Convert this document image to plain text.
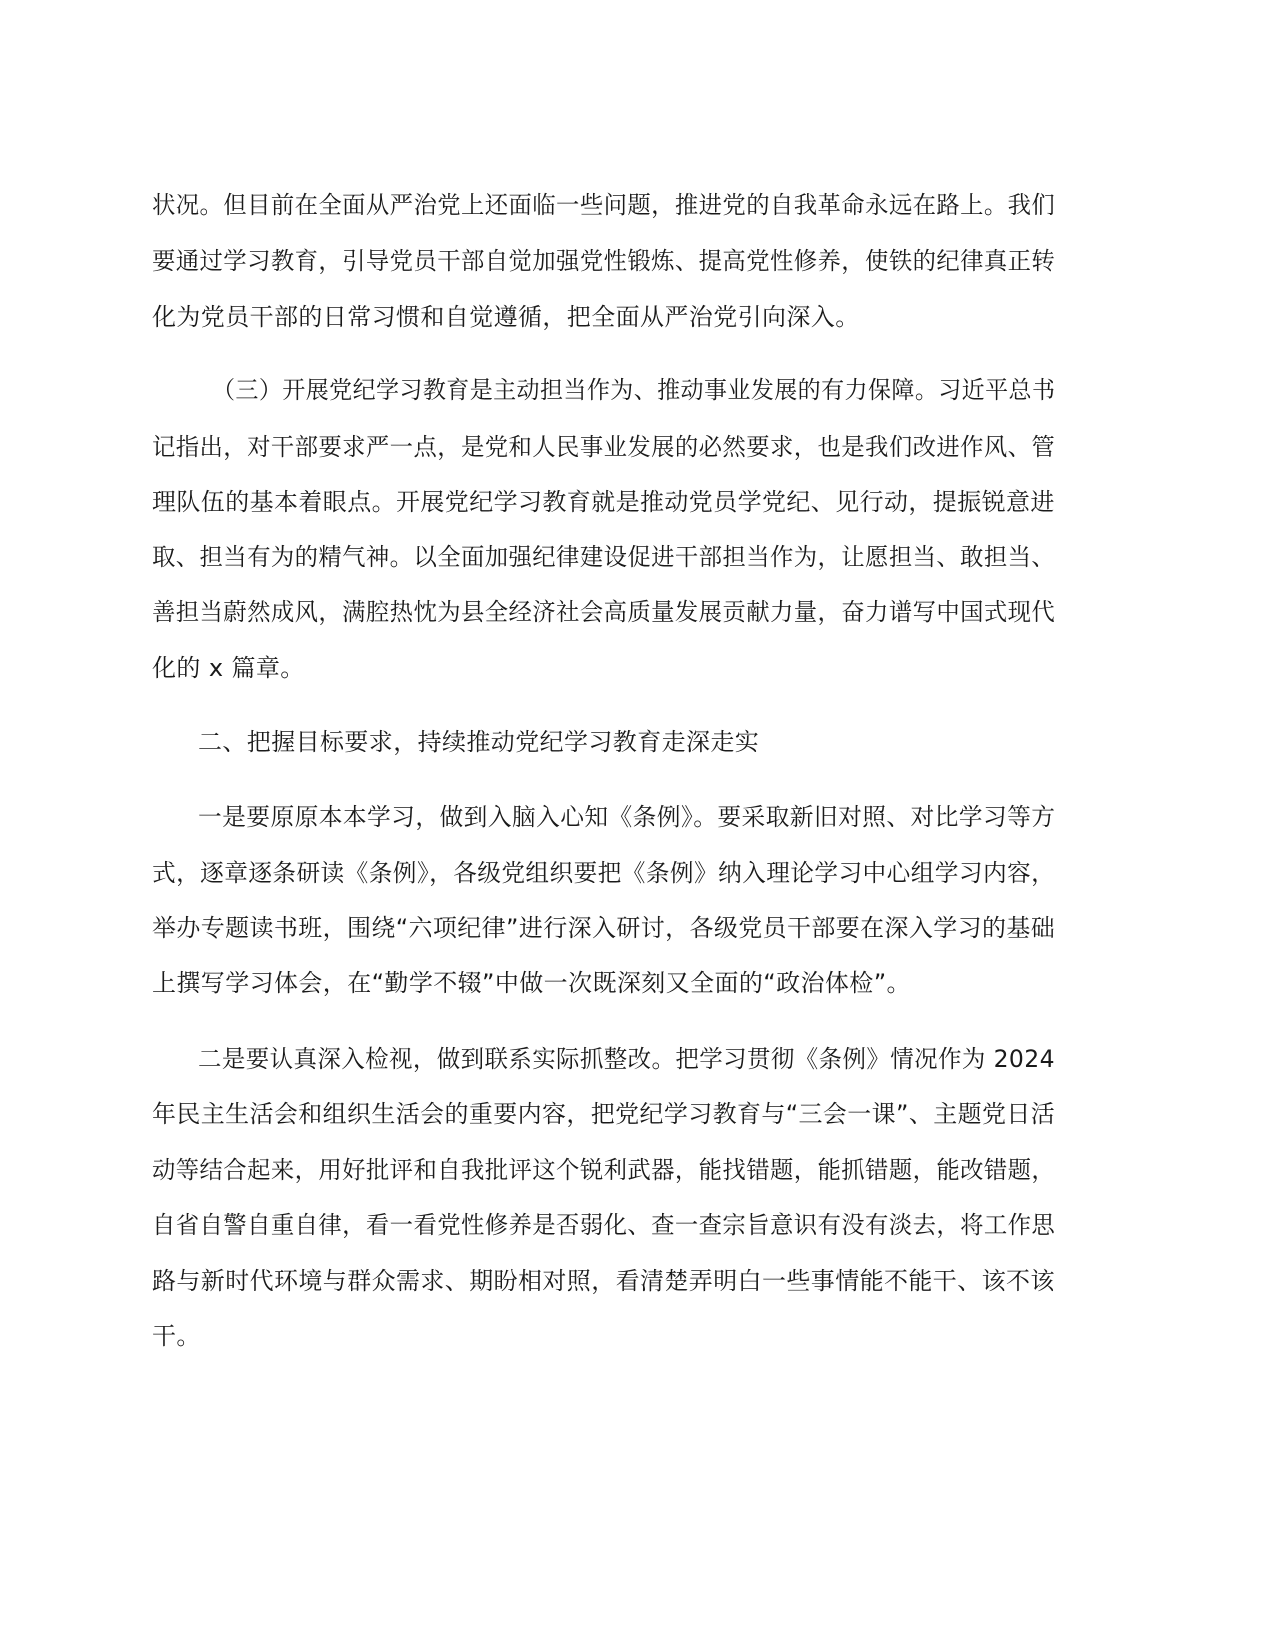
状况。但目前在全面从严治党上还面临一些问题，推进党的自我革命永远在路上。我们
要通过学习教育，引导党员干部自觉加强党性锻炼、提高党性修养，使铁的纪律真正转
化为党员干部的日常习惯和自觉遵循，把全面从严治党引向深入。
（三）开展党纪学习教育是主动担当作为、推动事业发展的有力保障。习近平总书
记指出，对干部要求严一点，是党和人民事业发展的必然要求，也是我们改进作风、管
理队伍的基本着眼点。开展党纪学习教育就是推动党员学党纪、见行动，提振锐意进
取、担当有为的精气神。以全面加强纪律建设促进干部担当作为，让愿担当、敢担当、
善担当蔚然成风，满腔热忱为县全经济社会高质量发展贡献力量，奋力谱写中国式现代
化的 x 篇章。
二、把握目标要求，持续推动党纪学习教育走深走实
一是要原原本本学习，做到入脑入心知《条例》。要采取新旧对照、对比学习等方
式，逐章逐条研读《条例》，各级党组织要把《条例》纳入理论学习中心组学习内容，
举办专题读书班，围绕“六项纪律”进行深入研讨，各级党员干部要在深入学习的基础
上撰写学习体会，在“勤学不辍”中做一次既深刻又全面的“政治体检”。
二是要认真深入检视，做到联系实际抓整改。把学习贯彻《条例》情况作为 2024
年民主生活会和组织生活会的重要内容，把党纪学习教育与“三会一课”、主题党日活
动等结合起来，用好批评和自我批评这个锐利武器，能找错题，能抓错题，能改错题，
自省自警自重自律，看一看党性修养是否弱化、查一查宗旨意识有没有淡去，将工作思
路与新时代环境与群众需求、期盼相对照，看清楚弄明白一些事情能不能干、该不该
干。
